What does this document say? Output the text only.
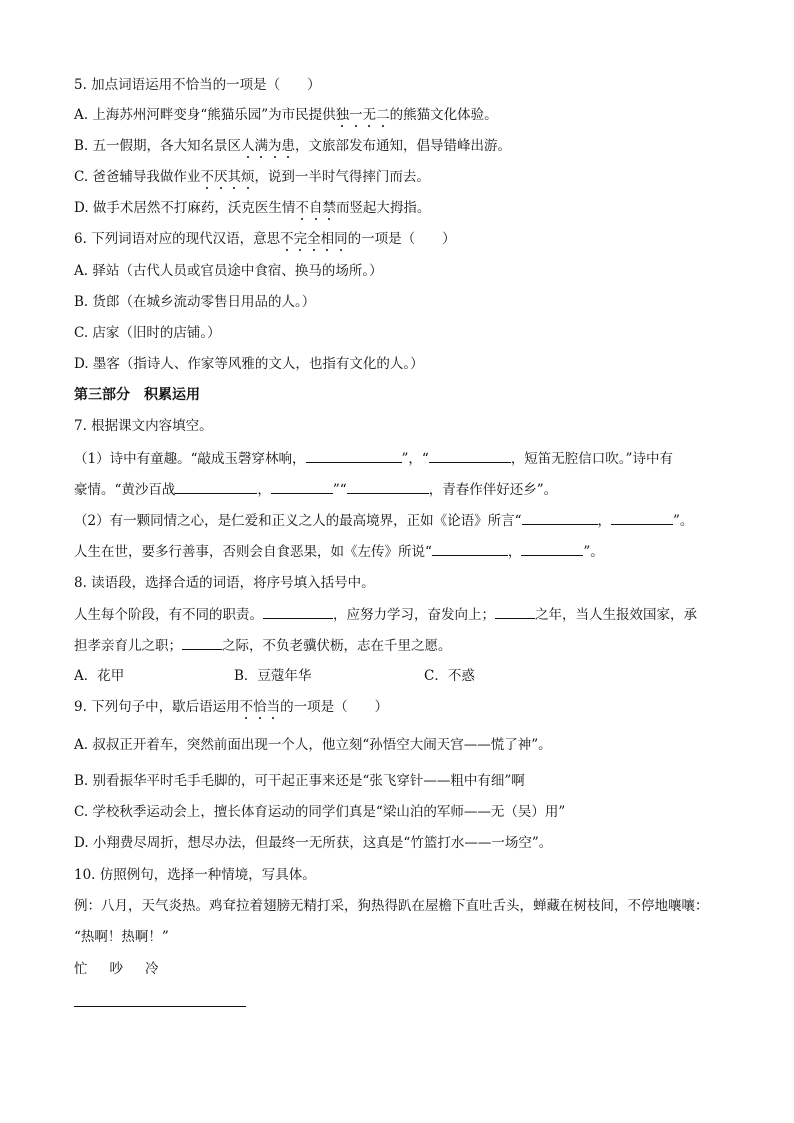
5. 加点词语运用不恰当的一项是（　　）
A. 上海苏州河畔变身“熊猫乐园”为市民提供独一无二的熊猫文化体验。
B. 五一假期，各大知名景区人满为患，文旅部发布通知，倡导错峰出游。
C. 爸爸辅导我做作业不厌其烦，说到一半时气得摔门而去。
D. 做手术居然不打麻药，沃克医生情不自禁而竖起大拇指。
6. 下列词语对应的现代汉语，意思不完全相同的一项是（　　）
A. 驿站（古代人员或官员途中食宿、换马的场所。）
B. 货郎（在城乡流动零售日用品的人。）
C. 店家（旧时的店铺。）
D. 墨客（指诗人、作家等风雅的文人，也指有文化的人。）
第三部分　积累运用
7. 根据课文内容填空。
（1）诗中有童趣。“敲成玉磬穿林响，	”，“	，短笛无腔信口吹。”诗中有
豪情。“黄沙百战	，	”“	，青春作伴好还乡”。
（2）有一颗同情之心，是仁爱和正义之人的最高境界，正如《论语》所言“	，	”。
人生在世，要多行善事，否则会自食恶果，如《左传》所说“	，	”。
8. 读语段，选择合适的词语，将序号填入括号中。
人生每个阶段，有不同的职责。	，应努力学习，奋发向上；	之年，当人生报效国家，承
担孝亲育儿之职；	之际，不负老骥伏枥，志在千里之愿。
A．花甲	B．豆蔻年华	C．不惑
9. 下列句子中，歇后语运用不恰当的一项是（　　）
A. 叔叔正开着车，突然前面出现一个人，他立刻“孙悟空大闹天宫——慌了神”。
B. 别看振华平时毛手毛脚的，可干起正事来还是“张飞穿针——粗中有细”啊
C. 学校秋季运动会上，擅长体育运动的同学们真是“梁山泊的军师——无（吴）用”
D. 小翔费尽周折，想尽办法，但最终一无所获，这真是“竹篮打水——一场空”。
10. 仿照例句，选择一种情境，写具体。
例：八月，天气炎热。鸡耷拉着翅膀无精打采，狗热得趴在屋檐下直吐舌头，蝉藏在树枝间，不停地嚷嚷：
“热啊！热啊！”
忙 吵 冷
